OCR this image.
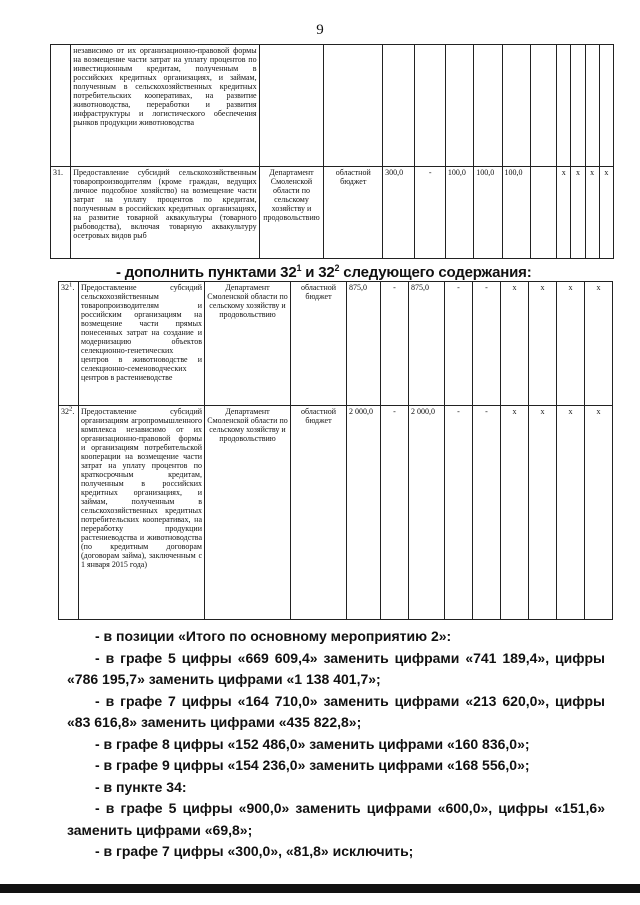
9
	независимо от их организационно-правовой формы на возмещение части затрат на уплату процентов по инвестиционным кредитам, полученным в российских кредитных организациях, и займам, полученным в сельскохозяйственных кредитных потребительских кооперативах, на развитие животноводства, переработки и развития инфраструктуры и логистического обеспечения рынков продукции животноводства												
31.	Предоставление субсидий сельскохозяйственным товаропроизводителям (кроме граждан, ведущих личное подсобное хозяйство) на возмещение части затрат на уплату процентов по кредитам, полученным в российских кредитных организациях, на развитие товарной аквакультуры (товарного рыбоводства), включая товарную аквакультуру осетровых видов рыб	Департамент Смоленской области по сельскому хозяйству и продовольствию	областной бюджет	300,0	-	100,0	100,0	100,0		x	x	x	x
- дополнить пунктами $32^1$ и $32^2$ следующего содержания:
$32^1$.	Предоставление субсидий сельскохозяйственным товаропроизводителям и российским организациям на возмещение части прямых понесенных затрат на создание и модернизацию объектов селекционно-генетических центров в животноводстве и селекционно-семеноводческих центров в растениеводстве	Департамент Смоленской области по сельскому хозяйству и продовольствию	областной бюджет	875,0	-	875,0	-	-	x	x	x	x
$32^2$.	Предоставление субсидий организациям агропромышленного комплекса независимо от их организационно-правовой формы и организациям потребительской кооперации на возмещение части затрат на уплату процентов по краткосрочным кредитам, полученным в российских кредитных организациях, и займам, полученным в сельскохозяйственных кредитных потребительских кооперативах, на переработку продукции растениеводства и животноводства (по кредитным договорам (договорам займа), заключенным с 1 января 2015 года)	Департамент Смоленской области по сельскому хозяйству и продовольствию	областной бюджет	2 000,0	-	2 000,0	-	-	x	x	x	x

- в позиции «Итого по основному мероприятию 2»:

- в графе 5 цифры «669 609,4» заменить цифрами «741 189,4», цифры «786 195,7» заменить цифрами «1 138 401,7»;

- в графе 7 цифры «164 710,0» заменить цифрами «213 620,0», цифры «83 616,8» заменить цифрами «435 822,8»;

- в графе 8 цифры «152 486,0» заменить цифрами «160 836,0»;

- в графе 9 цифры «154 236,0» заменить цифрами «168 556,0»;

- в пункте 34:

- в графе 5 цифры «900,0» заменить цифрами «600,0», цифры «151,6» заменить цифрами «69,8»;

- в графе 7 цифры «300,0», «81,8» исключить;
